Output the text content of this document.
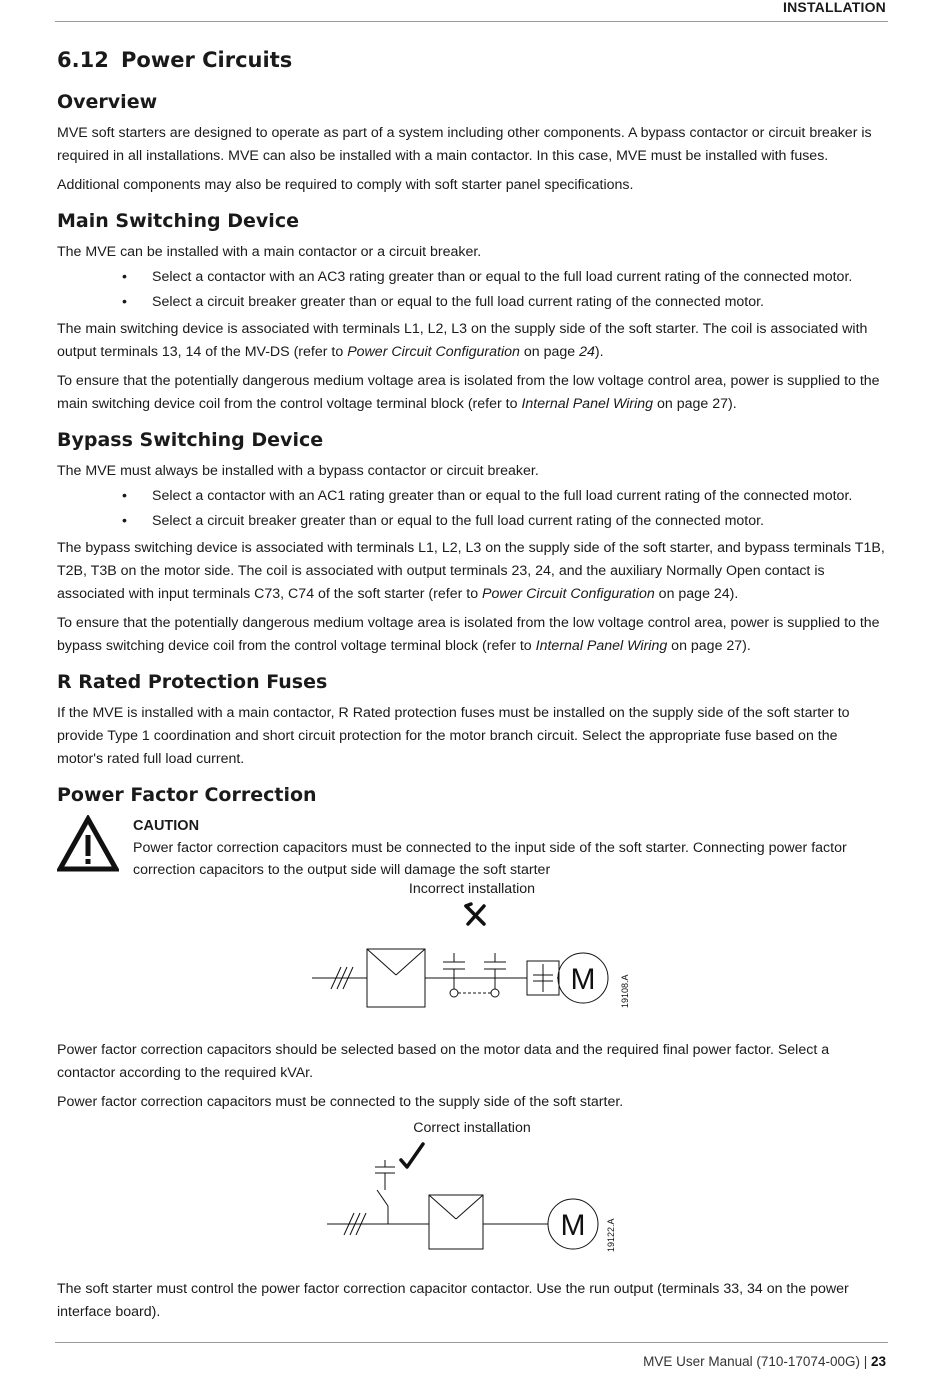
INSTALLATION
6.12 Power Circuits
Overview

MVE soft starters are designed to operate as part of a system including other components. A bypass contactor or circuit breaker is required in all installations. MVE can also be installed with a main contactor. In this case, MVE must be installed with fuses.

Additional components may also be required to comply with soft starter panel specifications.

Main Switching Device

The MVE can be installed with a main contactor or a circuit breaker.

• Select a contactor with an AC3 rating greater than or equal to the full load current rating of the connected motor.
• Select a circuit breaker greater than or equal to the full load current rating of the connected motor.

The main switching device is associated with terminals L1, L2, L3 on the supply side of the soft starter. The coil is associated with output terminals 13, 14 of the MV-DS (refer to Power Circuit Configuration on page 24).

To ensure that the potentially dangerous medium voltage area is isolated from the low voltage control area, power is supplied to the main switching device coil from the control voltage terminal block (refer to Internal Panel Wiring on page 27).

Bypass Switching Device

The MVE must always be installed with a bypass contactor or circuit breaker.

• Select a contactor with an AC1 rating greater than or equal to the full load current rating of the connected motor.
• Select a circuit breaker greater than or equal to the full load current rating of the connected motor.

The bypass switching device is associated with terminals L1, L2, L3 on the supply side of the soft starter, and bypass terminals T1B, T2B, T3B on the motor side. The coil is associated with output terminals 23, 24, and the auxiliary Normally Open contact is associated with input terminals C73, C74 of the soft starter (refer to Power Circuit Configuration on page 24).

To ensure that the potentially dangerous medium voltage area is isolated from the low voltage control area, power is supplied to the bypass switching device coil from the control voltage terminal block (refer to Internal Panel Wiring on page 27).

R Rated Protection Fuses

If the MVE is installed with a main contactor, R Rated protection fuses must be installed on the supply side of the soft starter to provide Type 1 coordination and short circuit protection for the motor branch circuit. Select the appropriate fuse based on the motor's rated full load current.

Power Factor Correction
CAUTION
Power factor correction capacitors must be connected to the input side of the soft starter. Connecting power factor correction capacitors to the output side will damage the soft starter
Incorrect installation
M	19108.A

Power factor correction capacitors should be selected based on the motor data and the required final power factor. Select a contactor according to the required kVAr.

Power factor correction capacitors must be connected to the supply side of the soft starter.

Correct installation
M 19122.A

The soft starter must control the power factor correction capacitor contactor. Use the run output (terminals 33, 34 on the power interface board).

MVE User Manual (710-17074-00G) | 23
